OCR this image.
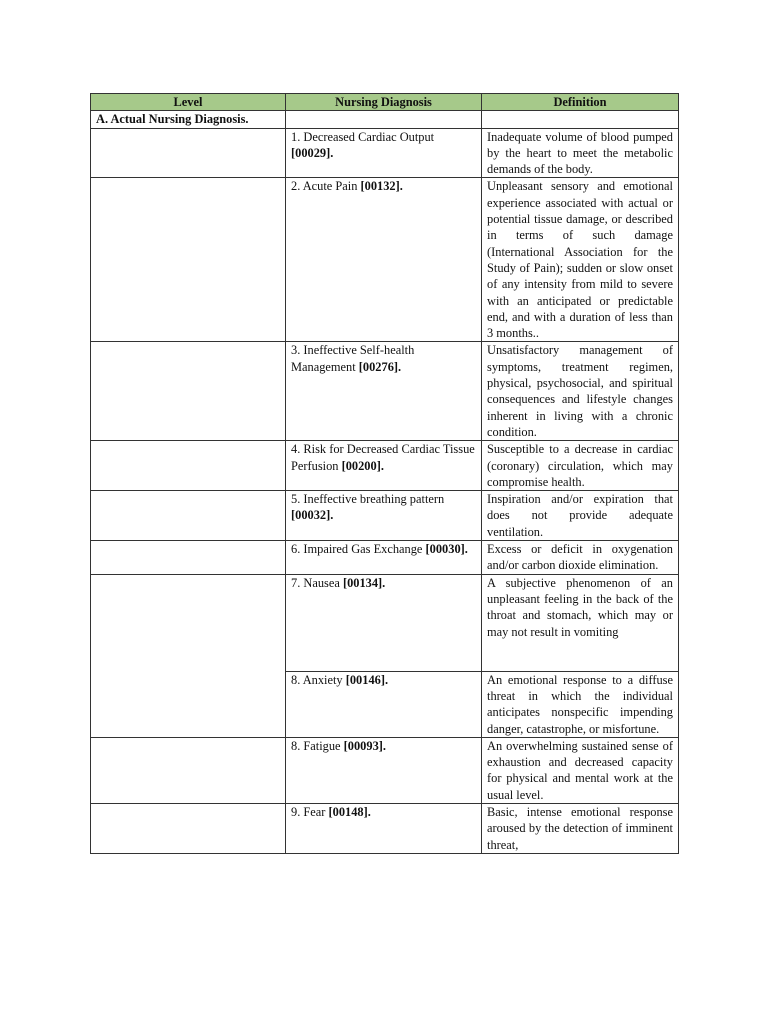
Level	Nursing Diagnosis	Definition
A. Actual Nursing Diagnosis.		
	1. Decreased Cardiac Output [00029].	Inadequate volume of blood pumped by the heart to meet the metabolic demands of the body.
	2. Acute Pain [00132].	Unpleasant sensory and emotional experience associated with actual or potential tissue damage, or described in terms of such damage (International Association for the Study of Pain); sudden or slow onset of any intensity from mild to severe with an anticipated or predictable end, and with a duration of less than 3 months..
	3. Ineffective Self-health Management [00276].	Unsatisfactory management of symptoms, treatment regimen, physical, psychosocial, and spiritual consequences and lifestyle changes inherent in living with a chronic condition.
	4. Risk for Decreased Cardiac Tissue Perfusion [00200].	Susceptible to a decrease in cardiac (coronary) circulation, which may compromise health.
	5. Ineffective breathing pattern [00032].	Inspiration and/or expiration that does not provide adequate ventilation.
	6. Impaired Gas Exchange [00030].	Excess or deficit in oxygenation and/or carbon dioxide elimination.
	7. Nausea [00134].	A subjective phenomenon of an unpleasant feeling in the back of the throat and stomach, which may or may not result in vomiting
	8. Anxiety [00146].	An emotional response to a diffuse threat in which the individual anticipates nonspecific impending danger, catastrophe, or misfortune.
	8. Fatigue [00093].	An overwhelming sustained sense of exhaustion and decreased capacity for physical and mental work at the usual level.
	9. Fear [00148].	Basic, intense emotional response aroused by the detection of imminent threat,
